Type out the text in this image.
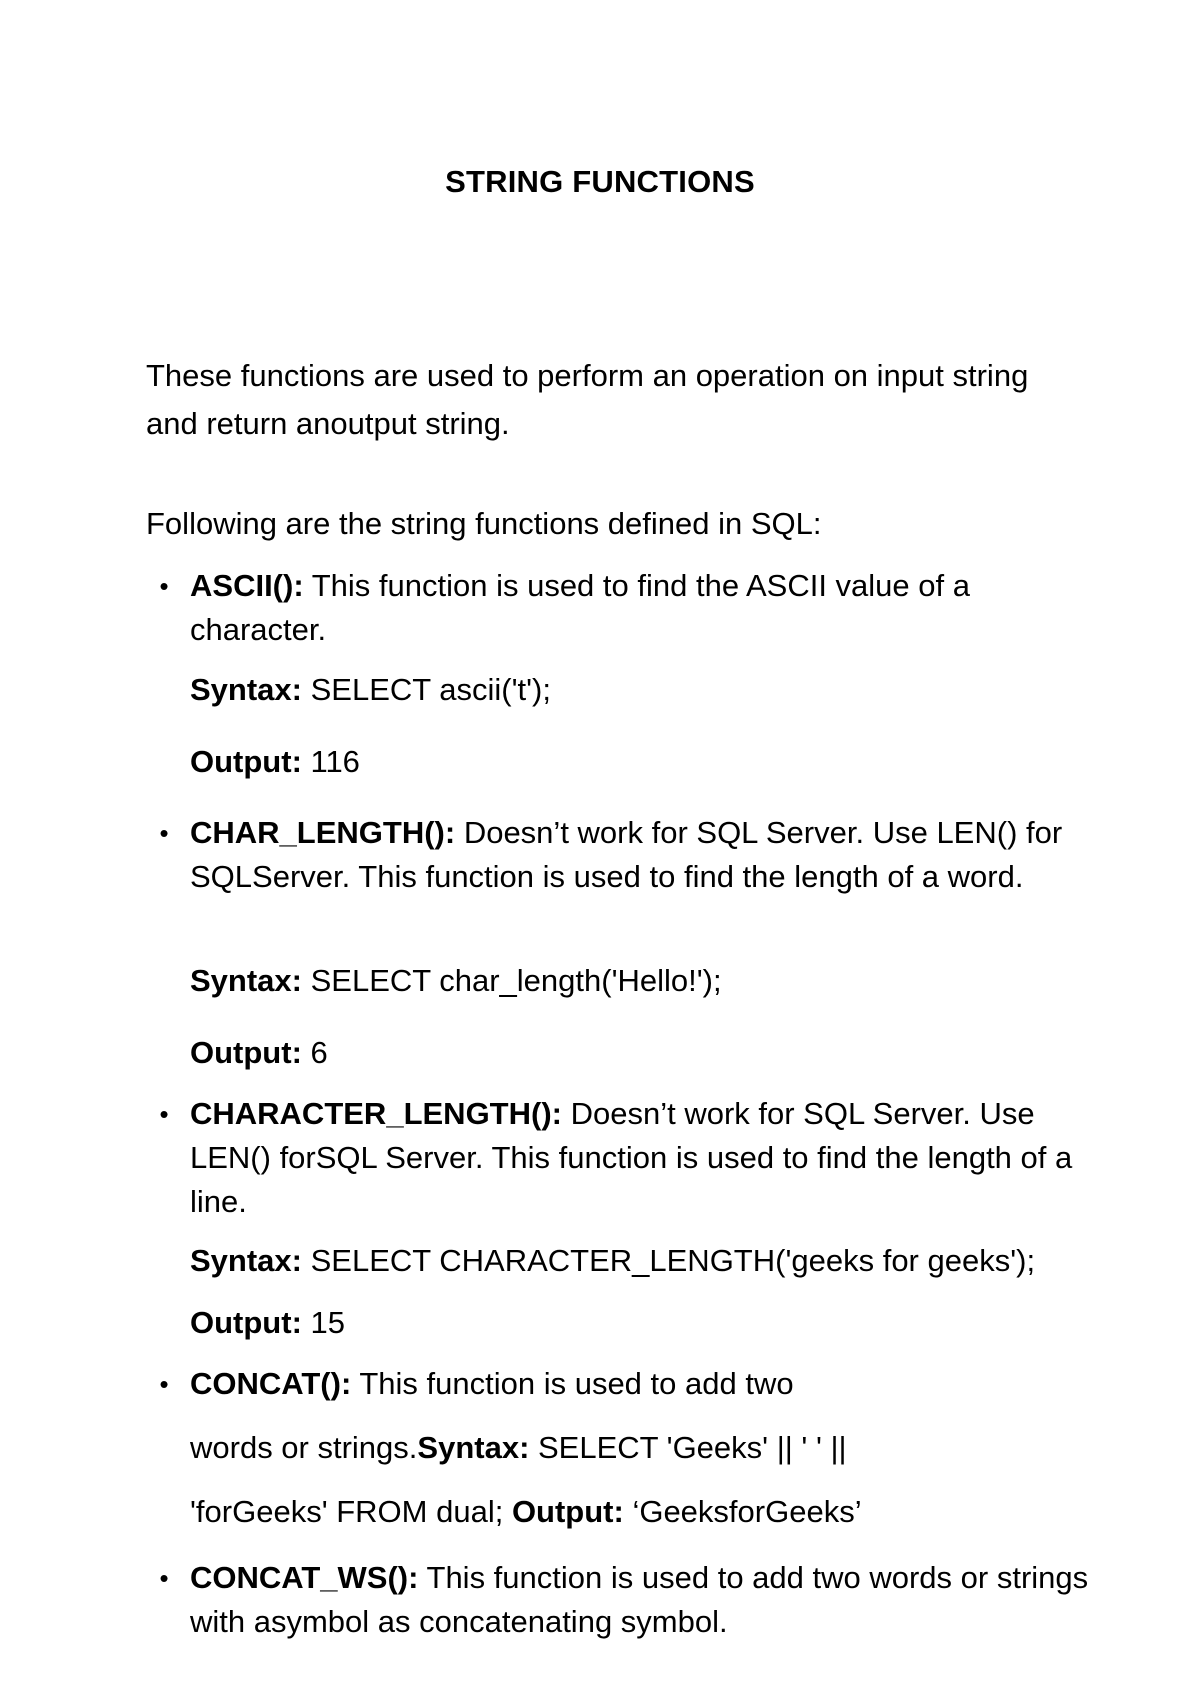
STRING FUNCTIONS

These functions are used to perform an operation on input string and return anoutput string.

Following are the string functions defined in SQL:

• ASCII(): This function is used to find the ASCII value of a character.

Syntax: SELECT ascii('t');

Output: 116

• CHAR_LENGTH(): Doesn’t work for SQL Server. Use LEN() for SQLServer. This function is used to find the length of a word.

Syntax: SELECT char_length('Hello!');

Output: 6

• CHARACTER_LENGTH(): Doesn’t work for SQL Server. Use LEN() forSQL Server. This function is used to find the length of a line.

Syntax: SELECT CHARACTER_LENGTH('geeks for geeks');

Output: 15

• CONCAT(): This function is used to add two

words or strings.Syntax: SELECT 'Geeks' || ' ' ||

'forGeeks' FROM dual; Output: ‘GeeksforGeeks’

• CONCAT_WS(): This function is used to add two words or strings with asymbol as concatenating symbol.
